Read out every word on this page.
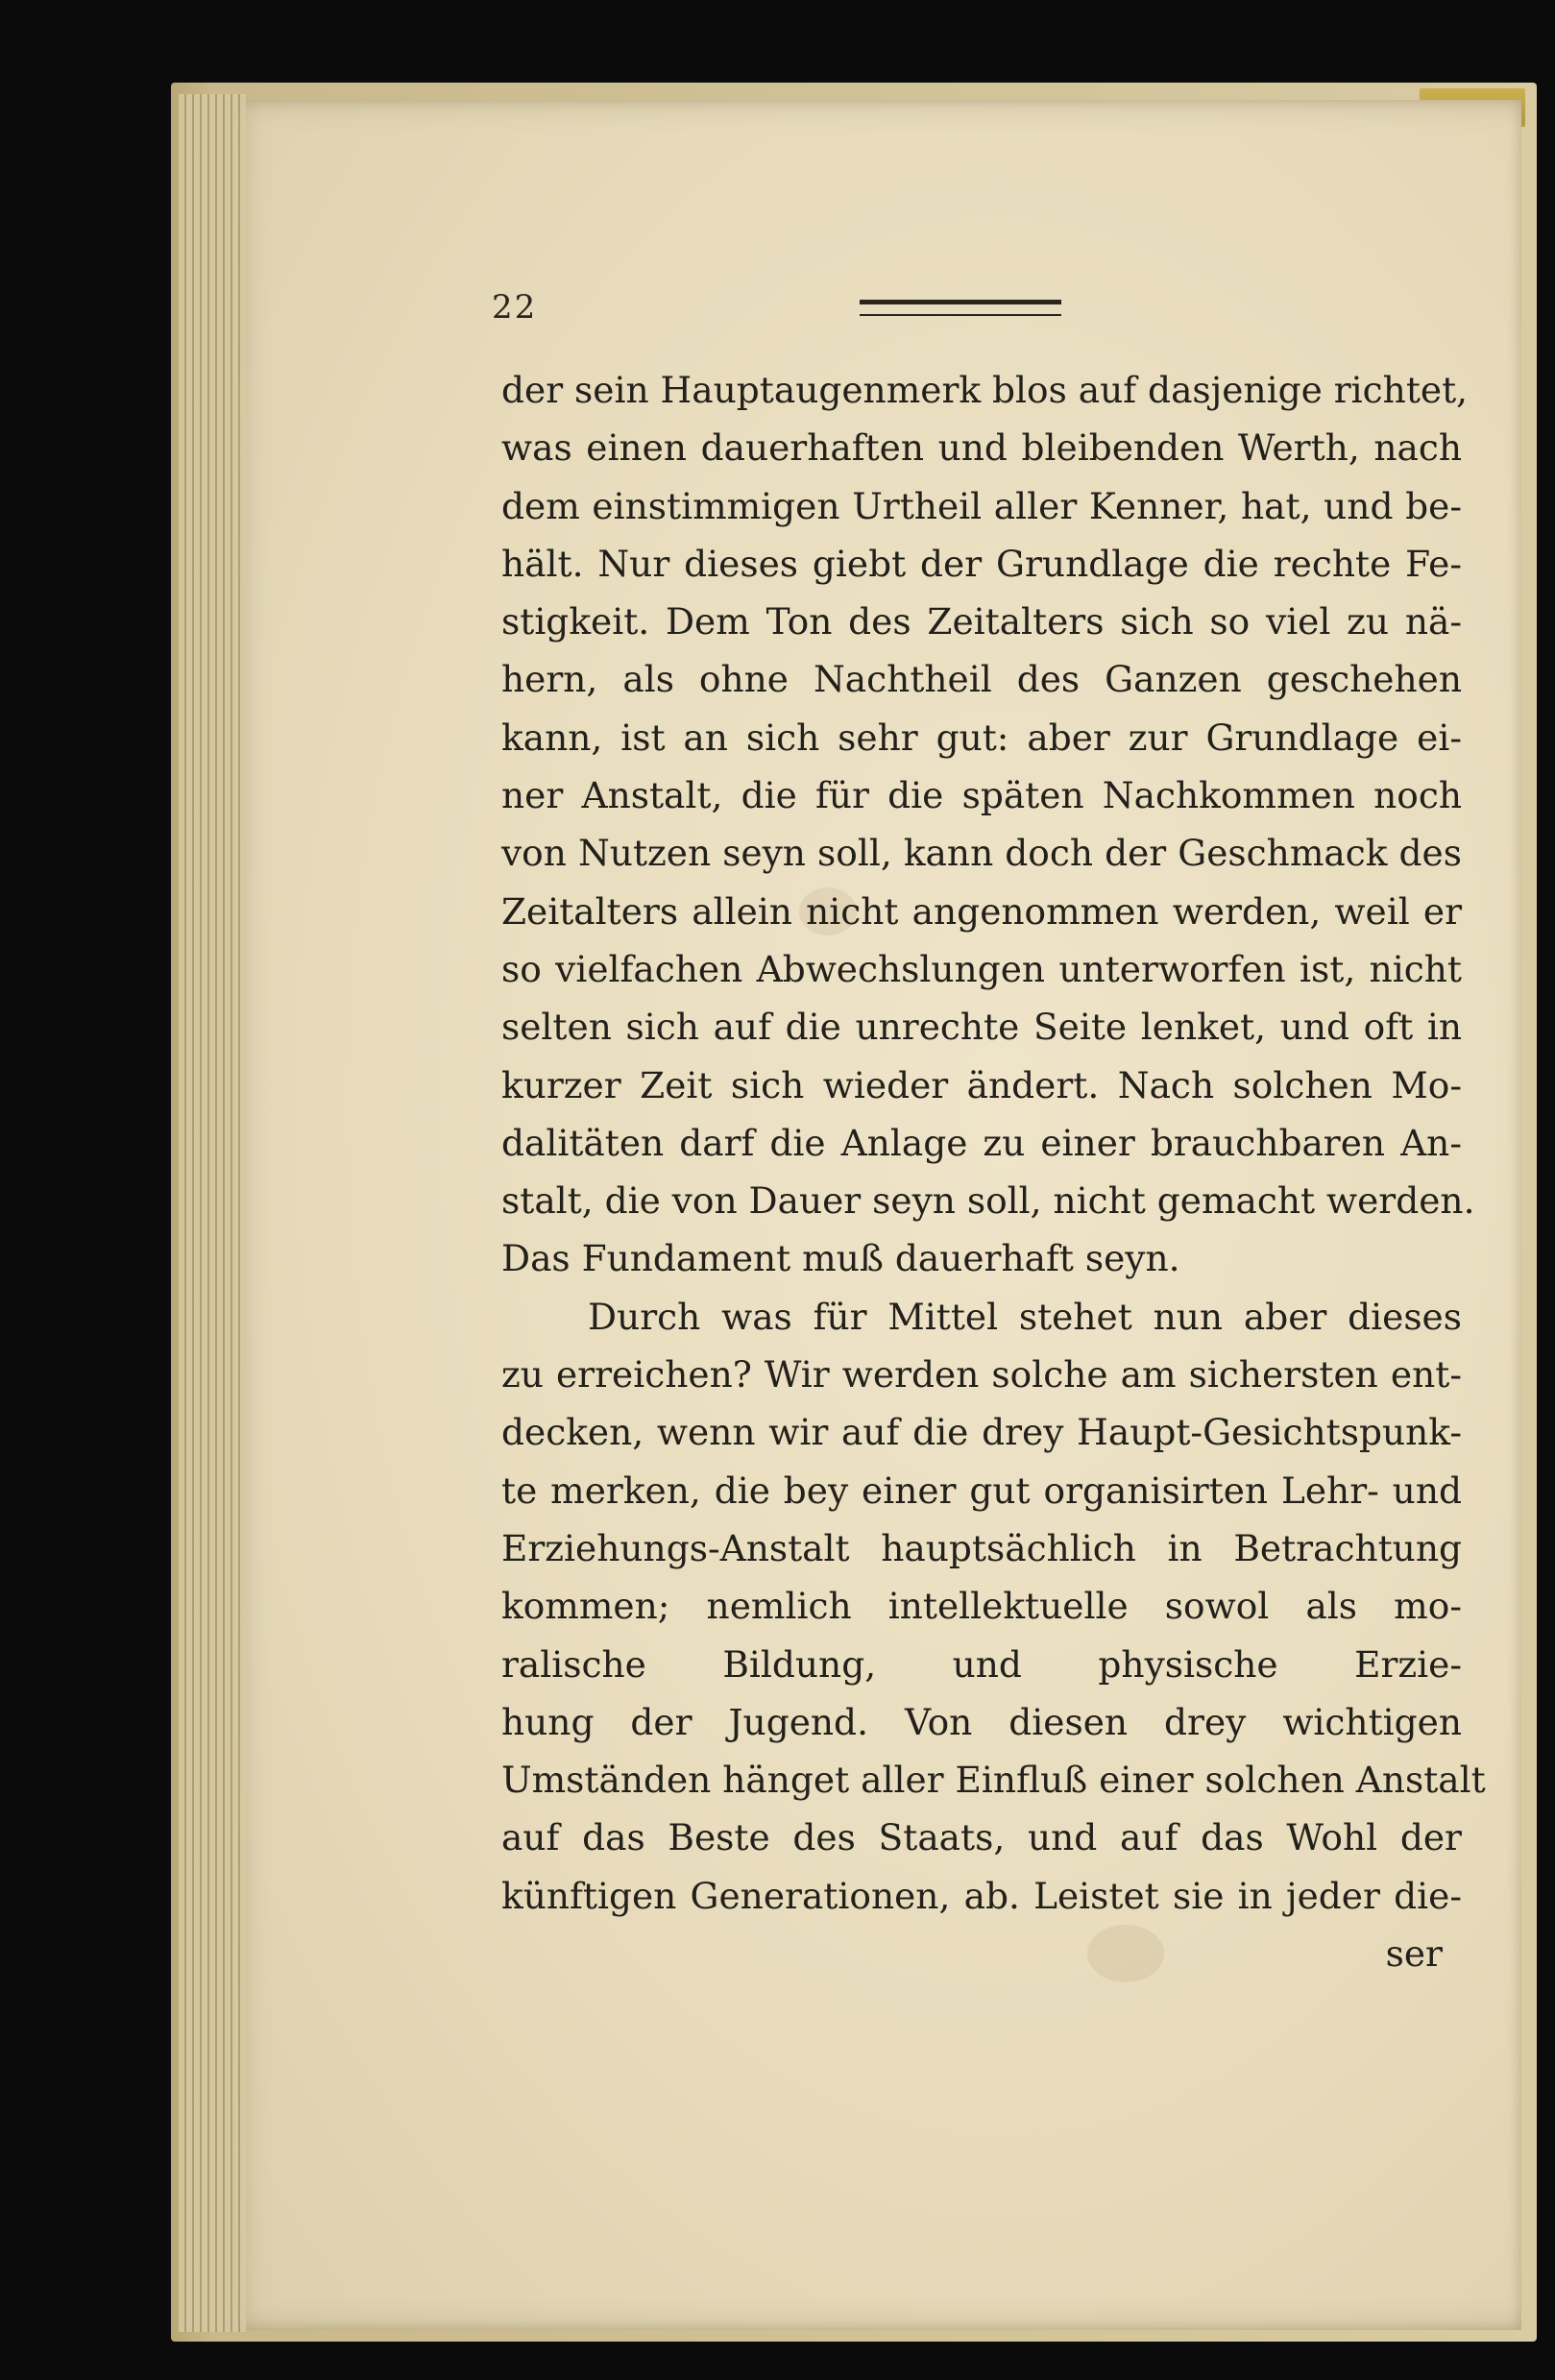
22
der sein Hauptaugenmerk blos auf dasjenige richtet,
was einen dauerhaften und bleibenden Werth, nach
dem einstimmigen Urtheil aller Kenner, hat, und be-
hält. Nur dieses giebt der Grundlage die rechte Fe-
stigkeit. Dem Ton des Zeitalters sich so viel zu nä-
hern, als ohne Nachtheil des Ganzen geschehen
kann, ist an sich sehr gut: aber zur Grundlage ei-
ner Anstalt, die für die späten Nachkommen noch
von Nutzen seyn soll, kann doch der Geschmack des
Zeitalters allein nicht angenommen werden, weil er
so vielfachen Abwechslungen unterworfen ist, nicht
selten sich auf die unrechte Seite lenket, und oft in
kurzer Zeit sich wieder ändert. Nach solchen Mo-
dalitäten darf die Anlage zu einer brauchbaren An-
stalt, die von Dauer seyn soll, nicht gemacht werden.
Das Fundament muß dauerhaft seyn.
Durch was für Mittel stehet nun aber dieses
zu erreichen? Wir werden solche am sichersten ent-
decken, wenn wir auf die drey Haupt-Gesichtspunk-
te merken, die bey einer gut organisirten Lehr- und
Erziehungs-Anstalt hauptsächlich in Betrachtung
kommen; nemlich intellektuelle sowol als mo-
ralische Bildung, und physische Erzie-
hung der Jugend. Von diesen drey wichtigen
Umständen hänget aller Einfluß einer solchen Anstalt
auf das Beste des Staats, und auf das Wohl der
künftigen Generationen, ab. Leistet sie in jeder die-
ser
